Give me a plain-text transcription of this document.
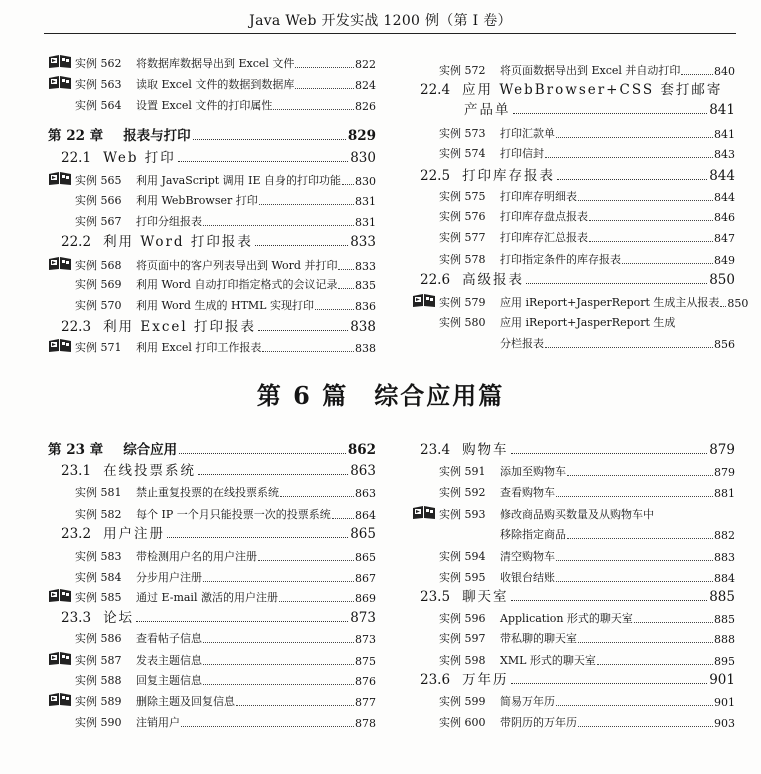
Java Web 开发实战 1200 例（第 I 卷）
第 6 篇　综合应用篇
实例 562	将数据库数据导出到 Excel 文件	822
实例 563	读取 Excel 文件的数据到数据库	824
实例 564	设置 Excel 文件的打印属性	826
第 22 章 报表与打印	829
22.1 Web 打印	830
实例 565	利用 JavaScript 调用 IE 自身的打印功能 830
实例 566	利用 WebBrowser 打印	831
实例 567	打印分组报表	831
22.2 利用 Word 打印报表	833
实例 568	将页面中的客户列表导出到 Word 并打印 833
实例 569	利用 Word 自动打印指定格式的会议记录 835
实例 570	利用 Word 生成的 HTML 实现打印	836
22.3 利用 Excel 打印报表	838
实例 571	利用 Excel 打印工作报表	838
实例 572	将页面数据导出到 Excel 并自动打印	840
22.4 应用 WebBrowser+CSS 套打邮寄
产品单	841
实例 573	打印汇款单	841
实例 574	打印信封	843
22.5 打印库存报表	844
实例 575	打印库存明细表	844
实例 576	打印库存盘点报表	846
实例 577	打印库存汇总报表	847
实例 578	打印指定条件的库存报表	849
22.6 高级报表	850
实例 579	应用 iReport+JasperReport 生成主从报表 850
实例 580	应用 iReport+JasperReport 生成
分栏报表	856
第 23 章 综合应用	862
23.1 在线投票系统	863
实例 581	禁止重复投票的在线投票系统	863
实例 582	每个 IP 一个月只能投票一次的投票系统 864
23.2 用户注册	865
实例 583	带检测用户名的用户注册	865
实例 584	分步用户注册	867
实例 585	通过 E-mail 激活的用户注册	869
23.3 论坛	873
实例 586	查看帖子信息	873
实例 587	发表主题信息	875
实例 588	回复主题信息	876
实例 589	删除主题及回复信息	877
实例 590	注销用户	878
23.4 购物车	879
实例 591	添加至购物车	879
实例 592	查看购物车	881
实例 593	修改商品购买数量及从购物车中
移除指定商品	882
实例 594	清空购物车	883
实例 595	收银台结账	884
23.5 聊天室	885
实例 596	Application 形式的聊天室	885
实例 597	带私聊的聊天室	888
实例 598	XML 形式的聊天室	895
23.6 万年历	901
实例 599	简易万年历	901
实例 600	带阴历的万年历	903
